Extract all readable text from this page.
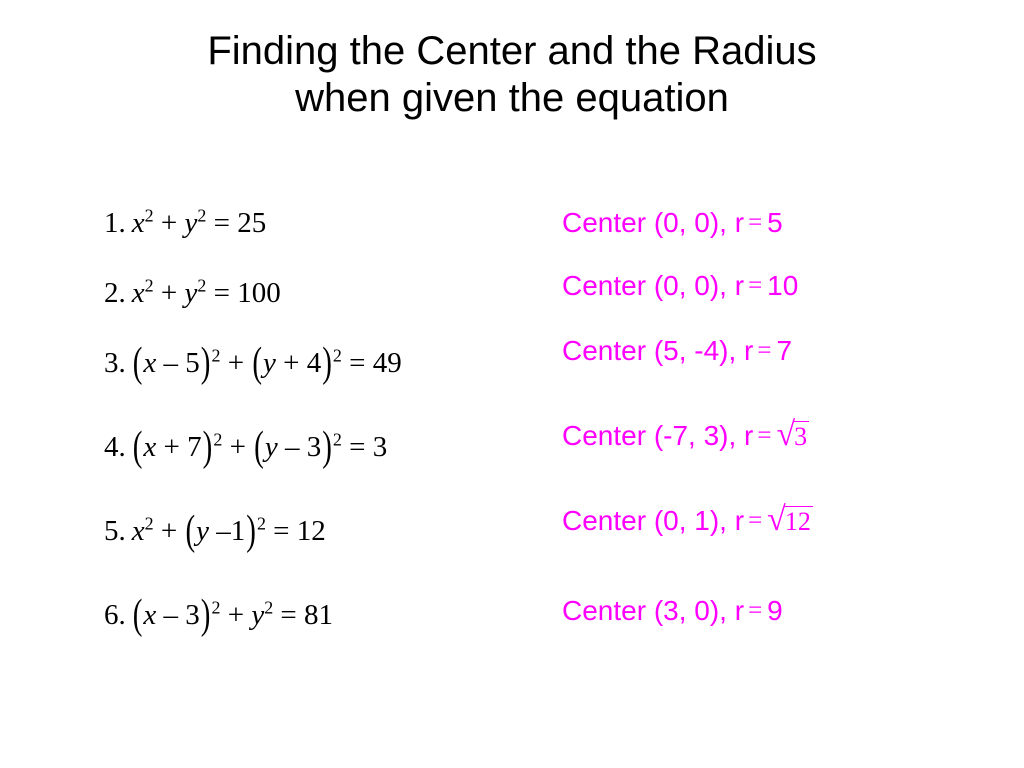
Finding the Center and the Radius
when given the equation
1. $x^2 + y^2 = 25$
2. $x^2 + y^2 = 100$
3. $(x - 5)^2 + (y + 4)^2 = 49$
4. $(x + 7)^2 + (y - 3)^2 = 3$
5. $x^2 + (y$ –1)$^2$ = 12
6. $(x - 3)^2 + y^2 = 81$
Center (0, 0), r = 5
Center (0, 0), r = 10
Center (5, -4), r = 7
Center (-7, 3), r = √ 3
Center (0, 1), r = √ 12
Center (3, 0), r = 9
